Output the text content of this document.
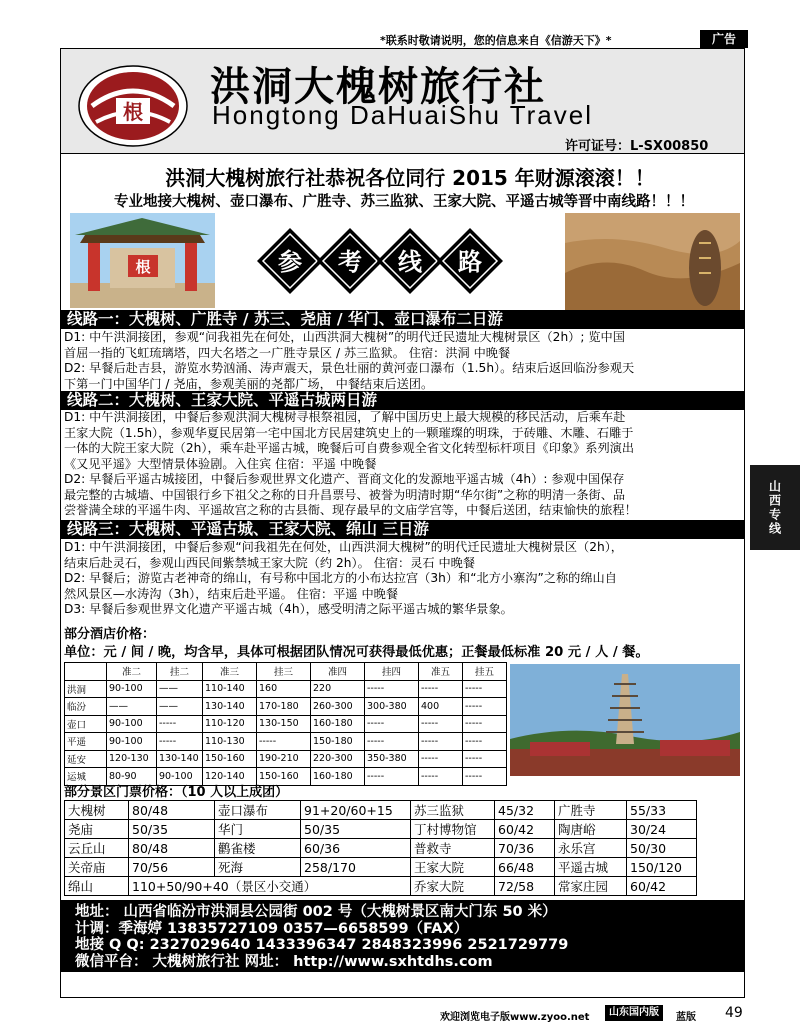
*联系时敬请说明，您的信息来自《信游天下》*	广告
根
洪洞大槐树旅行社
Hongtong DaHuaiShu Travel
许可证号：L-SX00850
洪洞大槐树旅行社恭祝各位同行 2015 年财源滚滚！！
专业地接大槐树、壶口瀑布、广胜寺、苏三监狱、王家大院、平遥古城等晋中南线路！！！
根	参 考 线 路
线路一：大槐树、广胜寺 / 苏三、尧庙 / 华门、壶口瀑布二日游

D1: 中午洪洞接团，参观“问我祖先在何处，山西洪洞大槐树”的明代迁民遗址大槐树景区（2h）; 览中国

首屈一指的飞虹琉璃塔，四大名塔之一广胜寺景区 / 苏三监狱。 住宿：洪洞 中晚餐

D2: 早餐后赴吉县，游览水势汹涌、涛声震天，景色壮丽的黄河壶口瀑布（1.5h）。结束后返回临汾参观天

下第一门中国华门 / 尧庙，参观美丽的尧都广场， 中餐结束后送团。

线路二：大槐树、王家大院、平遥古城两日游

D1: 中午洪洞接团，中餐后参观洪洞大槐树寻根祭祖园，了解中国历史上最大规模的移民活动，后乘车赴

王家大院（1.5h），参观华夏民居第一宅中国北方民居建筑史上的一颗璀璨的明珠，于砖雕、木雕、石雕于

一体的大院王家大院（2h），乘车赴平遥古城，晚餐后可自费参观全省文化转型标杆项目《印象》系列演出

《又见平遥》大型情景体验剧。入住宾 住宿：平遥 中晚餐

D2: 早餐后平遥古城接团，中餐后参观世界文化遗产、晋商文化的发源地平遥古城（4h）: 参观中国保存

最完整的古城墙、中国银行乡下祖父之称的日升昌票号、被誉为明清时期“华尔街”之称的明清一条街、品

尝誉满全球的平遥牛肉、平遥故宫之称的古县衙、现存最早的文庙学宫等，中餐后送团，结束愉快的旅程！

线路三：大槐树、平遥古城、王家大院、绵山 三日游

D1: 中午洪洞接团，中餐后参观“问我祖先在何处，山西洪洞大槐树”的明代迁民遗址大槐树景区（2h），

结束后赴灵石，参观山西民间紫禁城王家大院（约 2h）。 住宿：灵石 中晚餐

D2: 早餐后；游览古老神奇的绵山，有号称中国北方的小布达拉宫（3h）和“北方小寨沟”之称的绵山自

然风景区—水涛沟（3h），结束后赴平遥。 住宿：平遥 中晚餐

D3: 早餐后参观世界文化遗产平遥古城（4h），感受明清之际平遥古城的繁华景象。

山西专线
部分酒店价格：
单位：元 / 间 / 晚，均含早，具体可根据团队情况可获得最低优惠；正餐最低标准 20 元 / 人 / 餐。
	准二	挂二	准三	挂三	准四	挂四	准五	挂五
洪洞	90-100	——	110-140	160	220	-----	-----	-----
临汾	——	——	130-140	170-180	260-300	300-380	400	-----
壶口	90-100	-----	110-120	130-150	160-180	-----	-----	-----
平遥	90-100	-----	110-130	-----	150-180	-----	-----	-----
延安	120-130	130-140	150-160	190-210	220-300	350-380	-----	-----
运城	80-90	90-100	120-140	150-160	160-180	-----	-----	-----
部分景区门票价格：（10 人以上成团）
大槐树	80/48	壶口瀑布	91+20/60+15	苏三监狱	45/32	广胜寺	55/33
尧庙	50/35	华门	50/35	丁村博物馆	60/42	陶唐峪	30/24
云丘山	80/48	鹳雀楼	60/36	普救寺	70/36	永乐宫	50/30
关帝庙	70/56	死海	258/170	王家大院	66/48	平遥古城	150/120
绵山	110+50/90+40（景区小交通）			乔家大院	72/58	常家庄园	60/42

地址： 山西省临汾市洪洞县公园街 002 号（大槐树景区南大门东 50 米）

计调：季海婷 13835727109 0357—6658599（FAX）

地接 Q Q: 2327029640 1433396347 2848323996 2521729779

微信平台： 大槐树旅行社 网址： http://www.sxhtdhs.com

欢迎浏览电子版www.zyoo.net	山东国内版	蓝版 49
